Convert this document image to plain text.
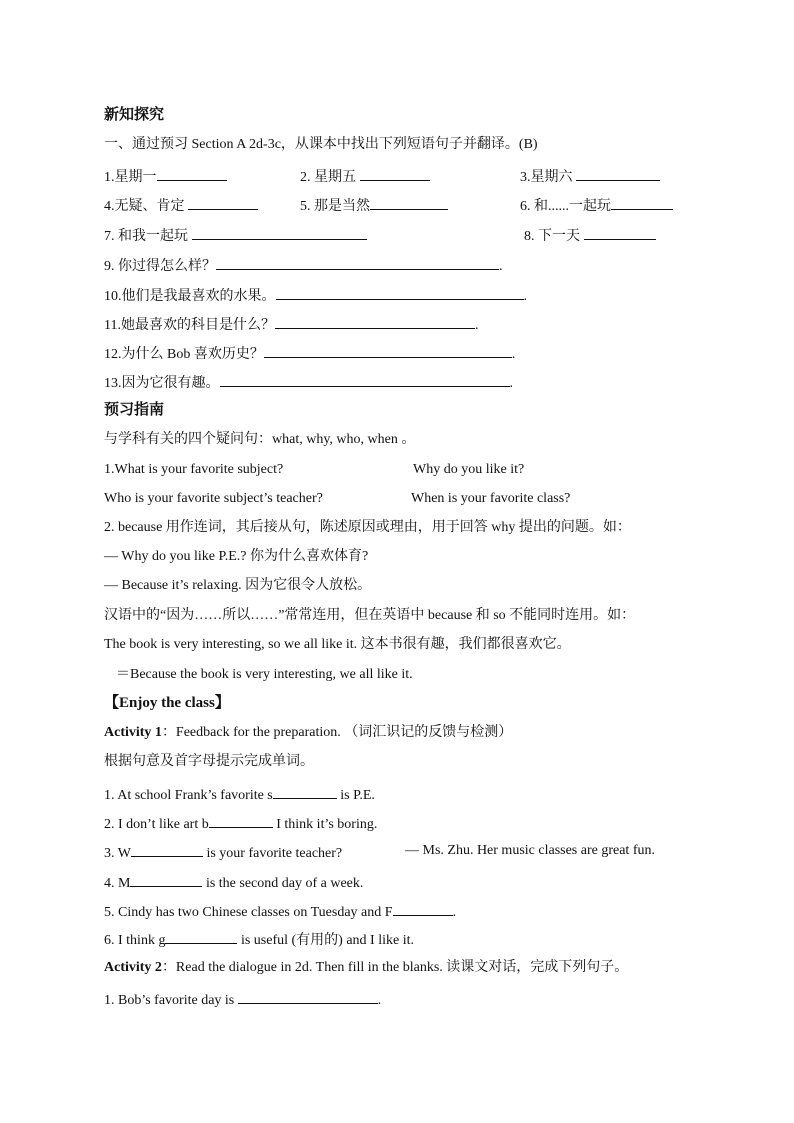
新知探究
一、通过预习 Section A 2d-3c，从课本中找出下列短语句子并翻译。(B)
1.星期一	2. 星期五	3.星期六
4.无疑、肯定	5. 那是当然	6. 和......一起玩
7. 和我一起玩	8. 下一天
9. 你过得怎么样？	.
10.他们是我最喜欢的水果。	.
11.她最喜欢的科目是什么？	.
12.为什么 Bob 喜欢历史？	.
13.因为它很有趣。	.
预习指南
与学科有关的四个疑问句：what, why, who, when 。
1.What is your favorite subject?	Why do you like it?
Who is your favorite subject’s teacher?	When is your favorite class?
2. because 用作连词，其后接从句，陈述原因或理由，用于回答 why 提出的问题。如：
— Why do you like P.E.? 你为什么喜欢体育?
— Because it’s relaxing. 因为它很令人放松。
汉语中的“因为……所以……”常常连用，但在英语中 because 和 so 不能同时连用。如：
The book is very interesting, so we all like it. 这本书很有趣，我们都很喜欢它。
＝Because the book is very interesting, we all like it.
【Enjoy the class】
Activity 1：Feedback for the preparation. （词汇识记的反馈与检测）
根据句意及首字母提示完成单词。
1. At school Frank’s favorite s	is P.E.
2. I don’t like art b	I think it’s boring.
3. W	is your favorite teacher?	— Ms. Zhu. Her music classes are great fun.
4. M	is the second day of a week.
5. Cindy has two Chinese classes on Tuesday and F	.
6. I think g	is useful (有用的) and I like it.
Activity 2：Read the dialogue in 2d. Then fill in the blanks. 读课文对话，完成下列句子。
1. Bob’s favorite day is	.
